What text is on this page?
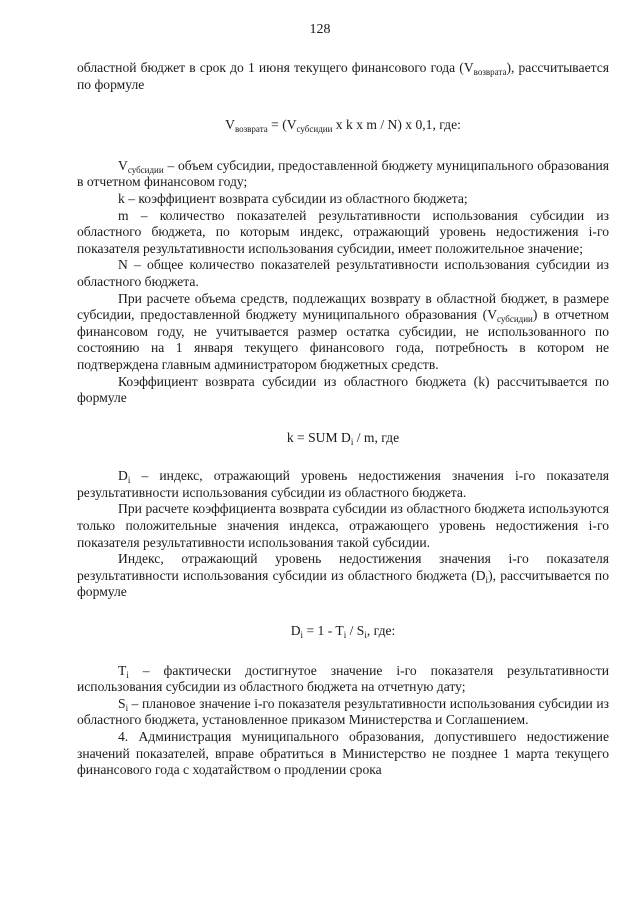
128

областной бюджет в срок до 1 июня текущего финансового года $(V_{возврата})$, рассчитывается по формуле

$V_{возврата} = (V_{субсидии}$ x k x m / N) x 0,1, где:

$V_{субсидии}$ – объем субсидии, предоставленной бюджету муниципального образования в отчетном финансовом году;

k – коэффициент возврата субсидии из областного бюджета;

m – количество показателей результативности использования субсидии из областного бюджета, по которым индекс, отражающий уровень недостижения i-го показателя результативности использования субсидии, имеет положительное значение;

N – общее количество показателей результативности использования субсидии из областного бюджета.

При расчете объема средств, подлежащих возврату в областной бюджет, в размере субсидии, предоставленной бюджету муниципального образования $(V_{субсидии})$ в отчетном финансовом году, не учитывается размер остатка субсидии, не использованного по состоянию на 1 января текущего финансового года, потребность в котором не подтверждена главным администратором бюджетных средств.

Коэффициент возврата субсидии из областного бюджета (k) рассчитывается по формуле

k = SUM $D_i$ / m, где

$D_i$ – индекс, отражающий уровень недостижения значения i-го показателя результативности использования субсидии из областного бюджета.

При расчете коэффициента возврата субсидии из областного бюджета используются только положительные значения индекса, отражающего уровень недостижения i-го показателя результативности использования такой субсидии.

Индекс, отражающий уровень недостижения значения i-го показателя результативности использования субсидии из областного бюджета $(D_i)$, рассчитывается по формуле

$D_i = 1 - T_i / S_i$, где:

$T_i$ – фактически достигнутое значение i-го показателя результативности использования субсидии из областного бюджета на отчетную дату;

$S_i$ – плановое значение i-го показателя результативности использования субсидии из областного бюджета, установленное приказом Министерства и Соглашением.

4. Администрация муниципального образования, допустившего недостижение значений показателей, вправе обратиться в Министерство не позднее 1 марта текущего финансового года с ходатайством о продлении срока
